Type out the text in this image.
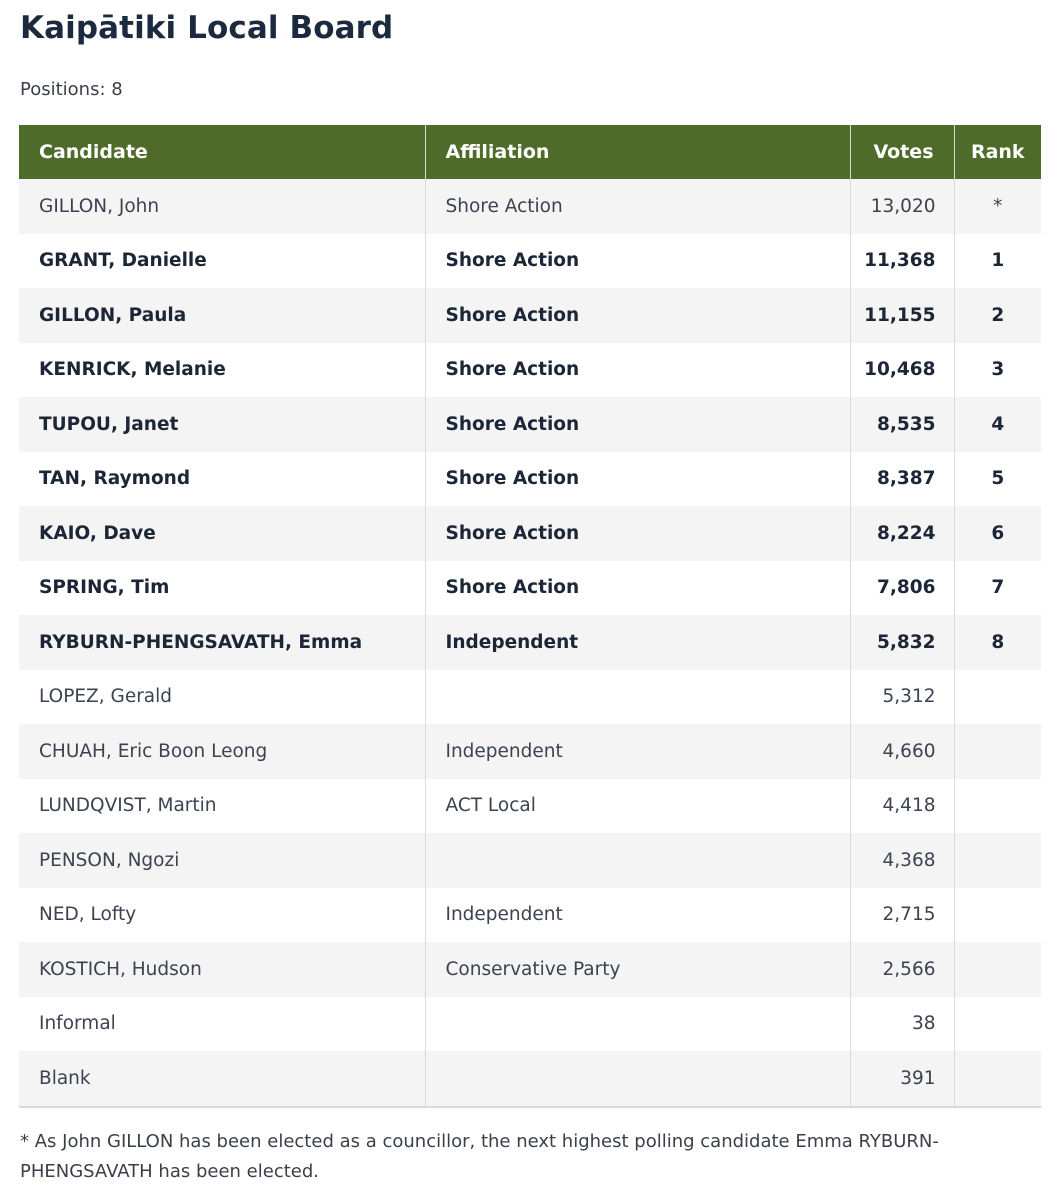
Kaipātiki Local Board
Positions: 8
Candidate	Affiliation	Votes	Rank
GILLON, John	Shore Action	13,020	*
GRANT, Danielle	Shore Action	11,368	1
GILLON, Paula	Shore Action	11,155	2
KENRICK, Melanie	Shore Action	10,468	3
TUPOU, Janet	Shore Action	8,535	4
TAN, Raymond	Shore Action	8,387	5
KAIO, Dave	Shore Action	8,224	6
SPRING, Tim	Shore Action	7,806	7
RYBURN-PHENGSAVATH, Emma	Independent	5,832	8
LOPEZ, Gerald		5,312	
CHUAH, Eric Boon Leong	Independent	4,660	
LUNDQVIST, Martin	ACT Local	4,418	
PENSON, Ngozi		4,368	
NED, Lofty	Independent	2,715	
KOSTICH, Hudson	Conservative Party	2,566	
Informal		38	
Blank		391	
* As John GILLON has been elected as a councillor, the next highest polling candidate Emma RYBURN-PHENGSAVATH has been elected.
